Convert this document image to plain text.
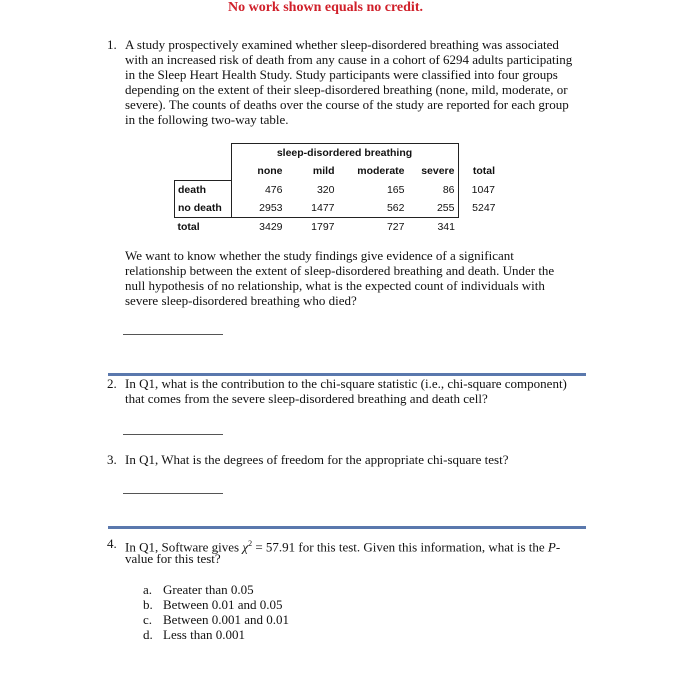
No work shown equals no credit.
1. A study prospectively examined whether sleep-disordered breathing was associated
with an increased risk of death from any cause in a cohort of 6294 adults participating
in the Sleep Heart Health Study. Study participants were classified into four groups
depending on the extent of their sleep-disordered breathing (none, mild, moderate, or
severe). The counts of deaths over the course of the study are reported for each group
in the following two-way table.
	sleep-disordered breathing				
	none	mild	moderate	severe	total
death	476	320	165	86	1047
no death	2953	1477	562	255	5247
total	3429	1797	727	341	
We want to know whether the study findings give evidence of a significant
relationship between the extent of sleep-disordered breathing and death. Under the
null hypothesis of no relationship, what is the expected count of individuals with
severe sleep-disordered breathing who died?
2. In Q1, what is the contribution to the chi-square statistic (i.e., chi-square component)
that comes from the severe sleep-disordered breathing and death cell?
3. In Q1, What is the degrees of freedom for the appropriate chi-square test?
4. In Q1, Software gives $\chi^2 = 57.91$ for this test. Given this information, what is the P-
value for this test?
a. Greater than 0.05
b. Between 0.01 and 0.05
c. Between 0.001 and 0.01
d. Less than 0.001
